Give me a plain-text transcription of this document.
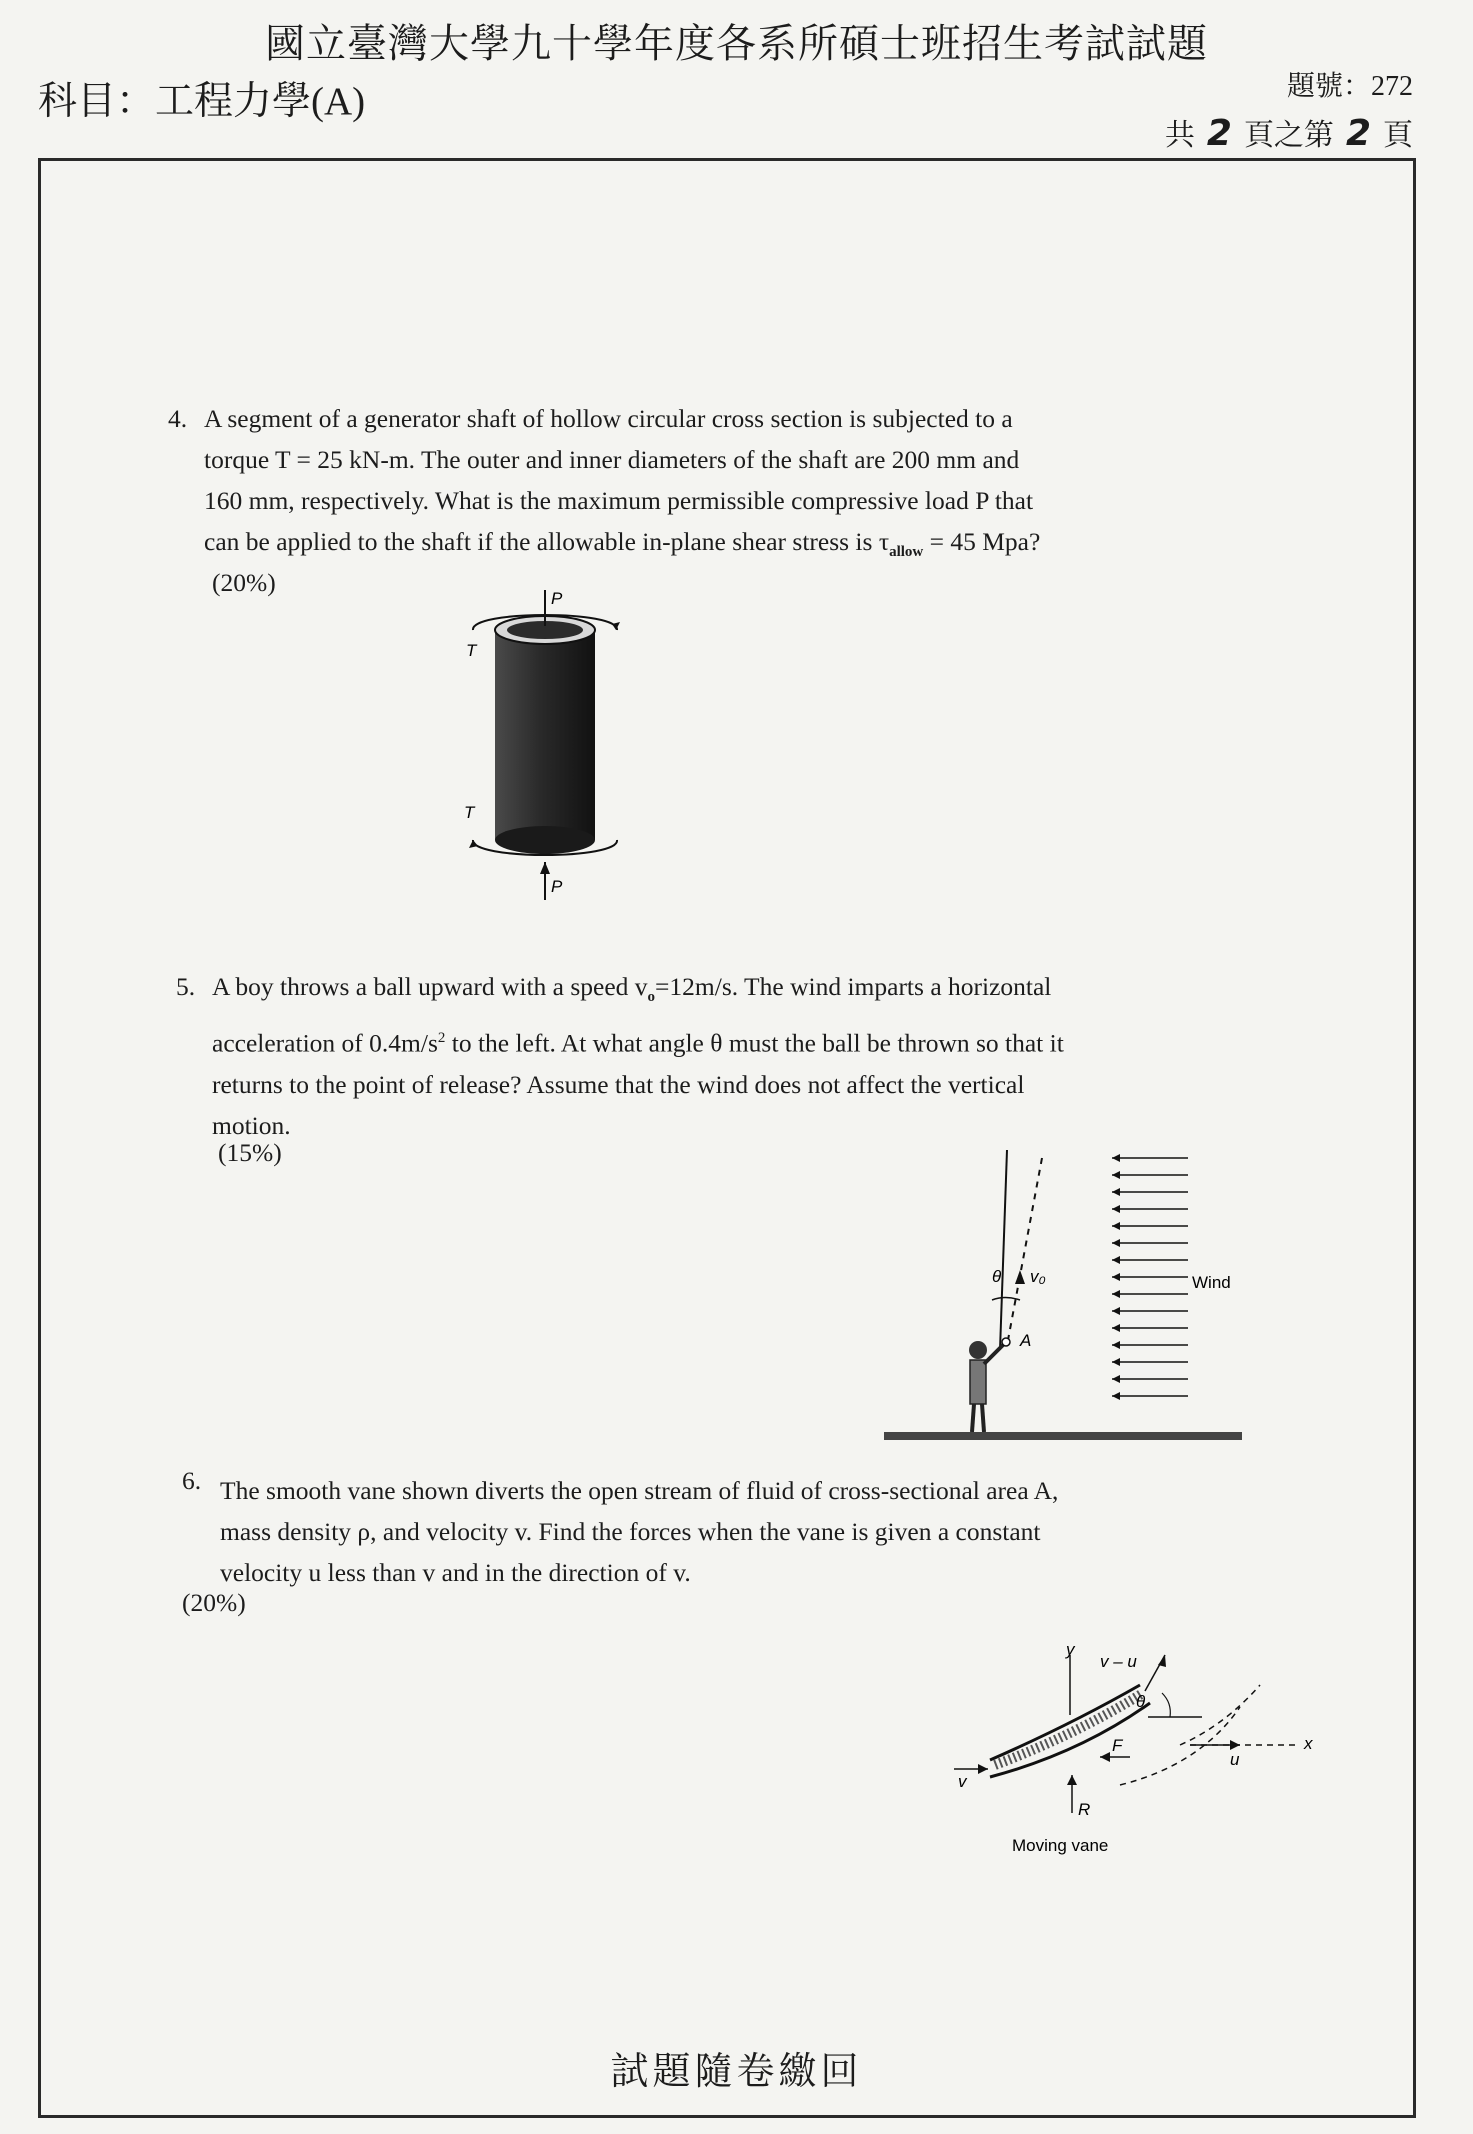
國立臺灣大學九十學年度各系所碩士班招生考試試題
科目：工程力學(A)	題號：272
共 2 頁之第 2 頁
4. A segment of a generator shaft of hollow circular cross section is subjected to a
torque T = 25 kN-m. The outer and inner diameters of the shaft are 200 mm and
160 mm, respectively. What is the maximum permissible compressive load P that
can be applied to the shaft if the allowable in-plane shear stress is $\tau_{allow} = 45$ Mpa?
(20%)
P
T
T
P
5. A boy throws a ball upward with a speed $v_o=12m/s$. The wind imparts a horizontal
acceleration of $0.4m/s^2$ to the left. At what angle θ must the ball be thrown so that it
returns to the point of release? Assume that the wind does not affect the vertical
motion.
(15%)
θ v₀
A
Wind
6. The smooth vane shown diverts the open stream of fluid of cross-sectional area A,
mass density ρ, and velocity v. Find the forces when the vane is given a constant
velocity u less than v and in the direction of v.
(20%)
y
v – u
θ
v
F
R
x
u
Moving vane
試題隨卷繳回
